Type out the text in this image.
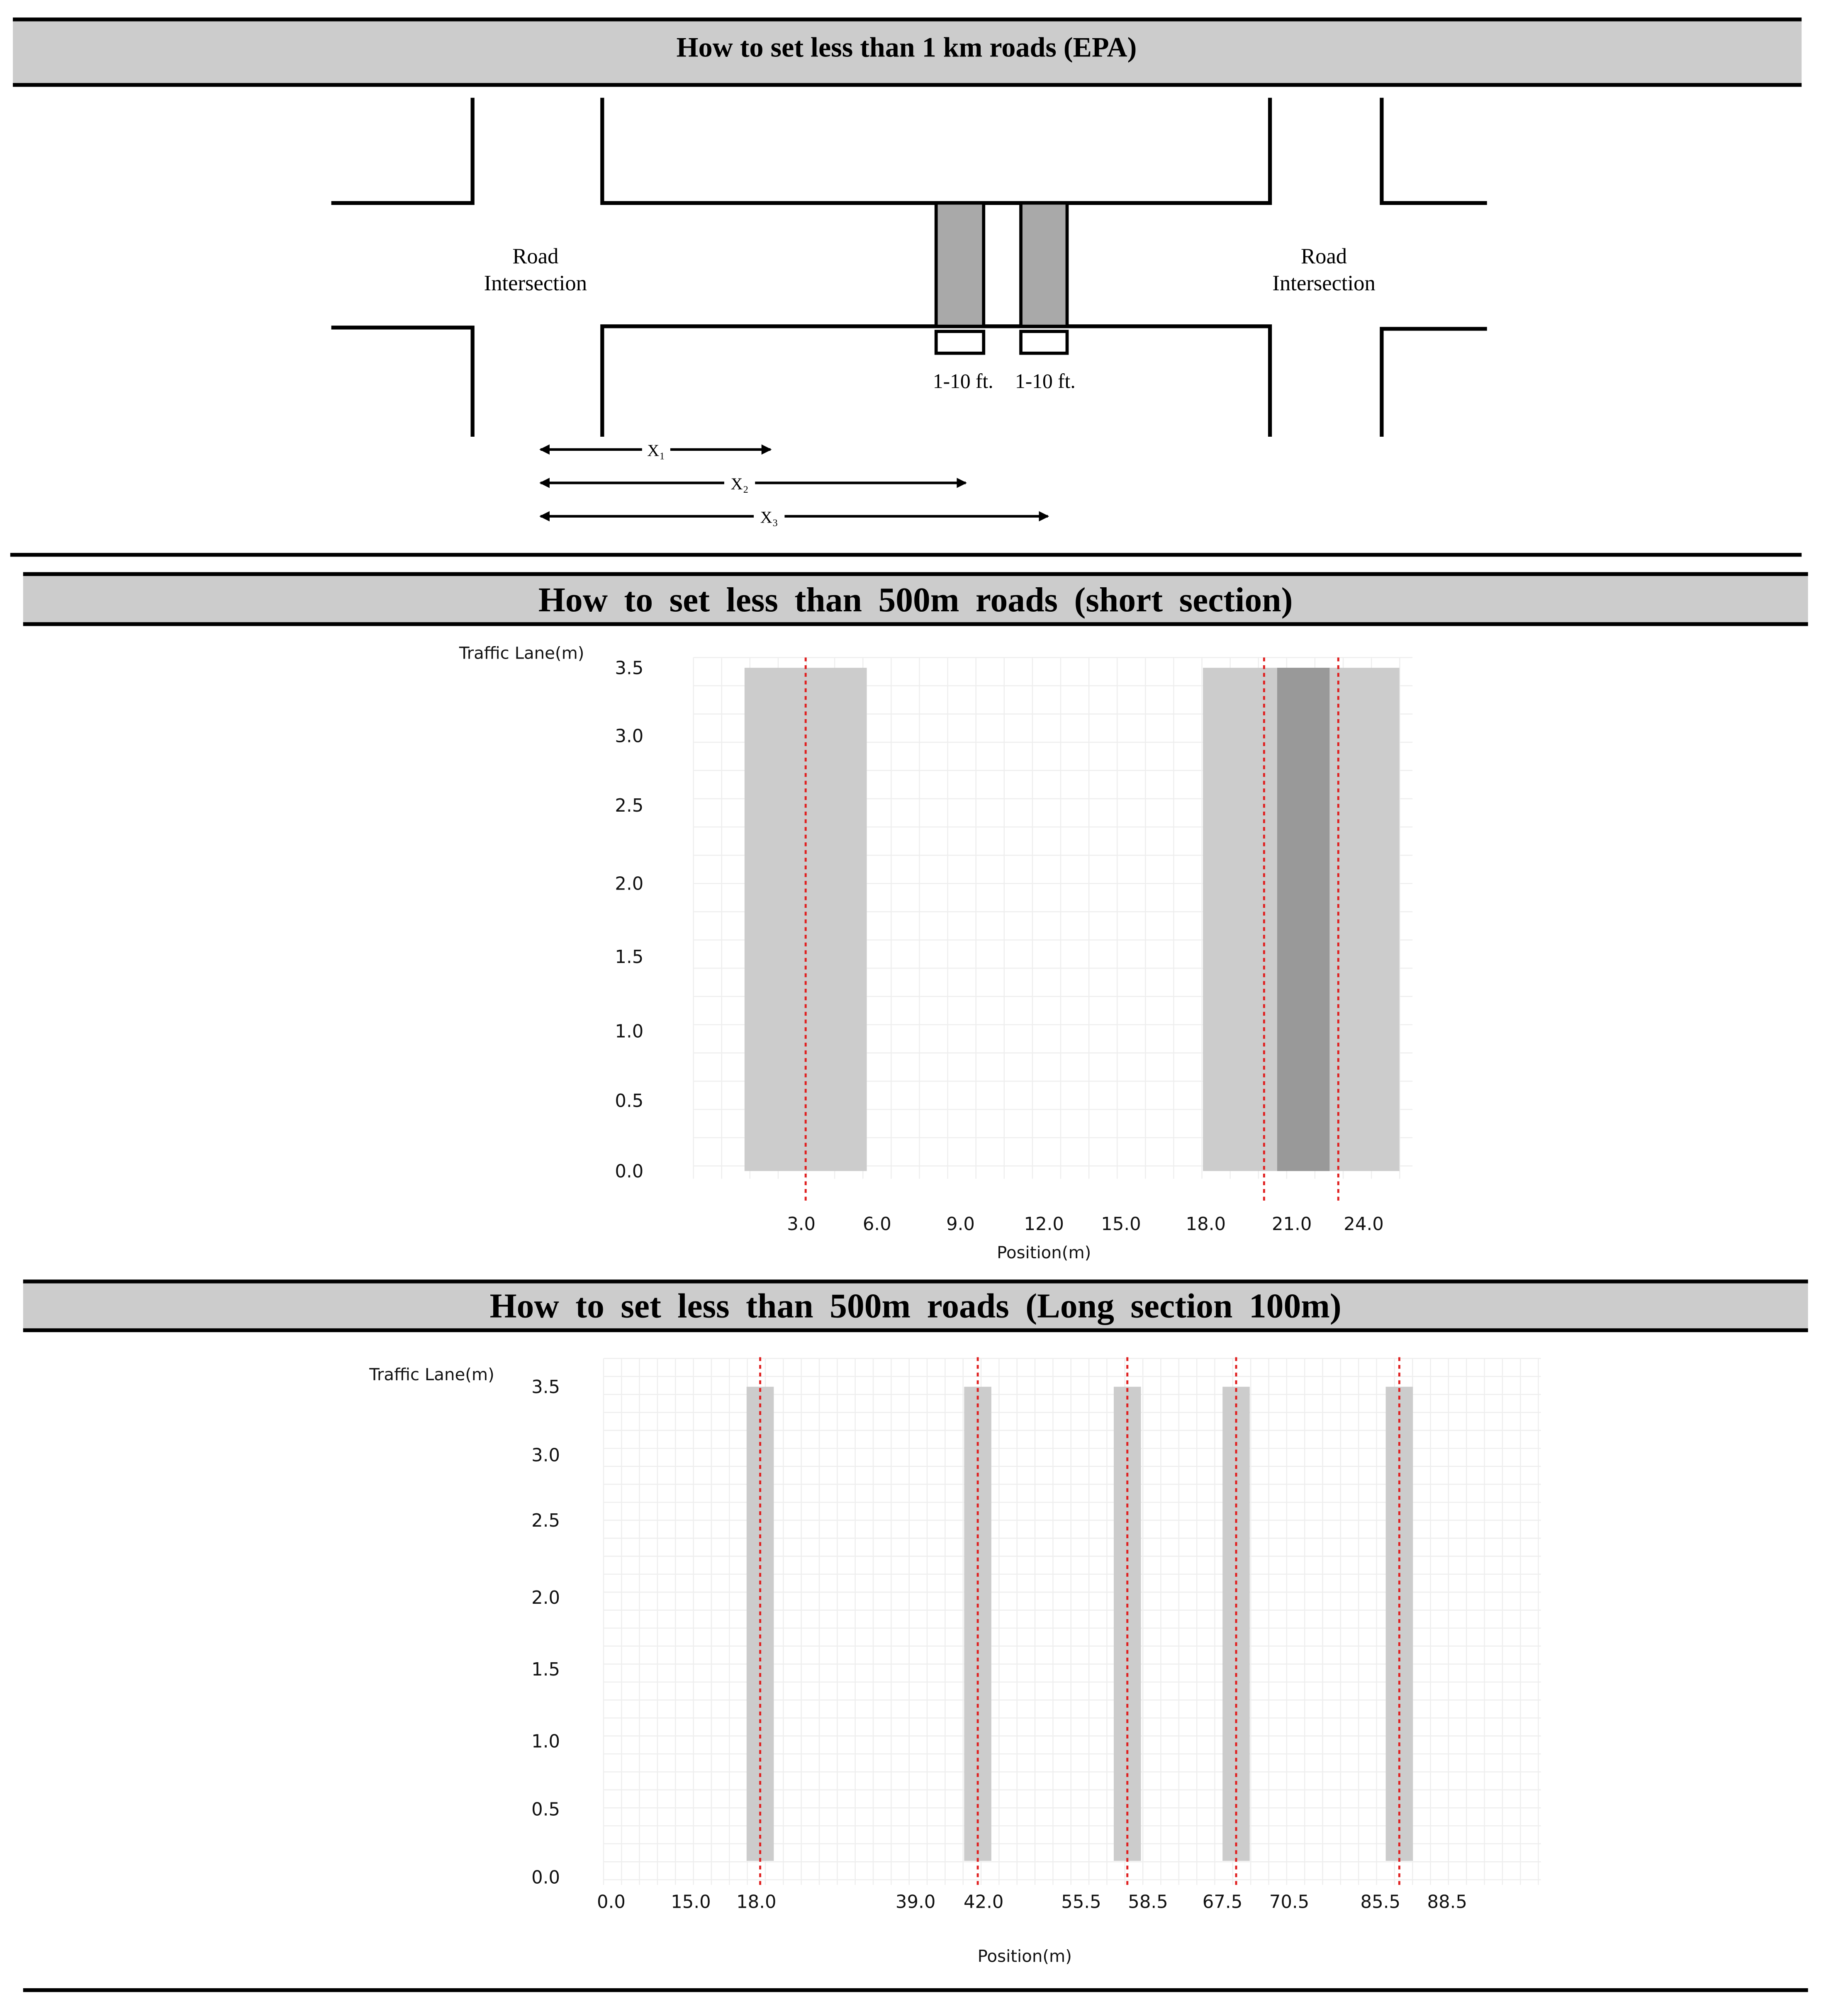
How to set less than 1 km roads (EPA)
1-10 ft.	1-10 ft.
Road
Intersection
Road
Intersection
X₁
X₂
X₃
How to set less than 500m roads (short section)
0.0
0.5
1.0
1.5
2.0
2.5
3.0
3.5
3.0	6.0	9.0	12.0	15.0	18.0	21.0	24.0
Traffic Lane(m)
Position(m)
How to set less than 500m roads (Long section 100m)
0.0
0.5
1.0
1.5
2.0
2.5
3.0
3.5
0.0	15.0	18.0	39.0	42.0	55.5	58.5	67.5	70.5	85.5	88.5
Traffic Lane(m)
Position(m)
